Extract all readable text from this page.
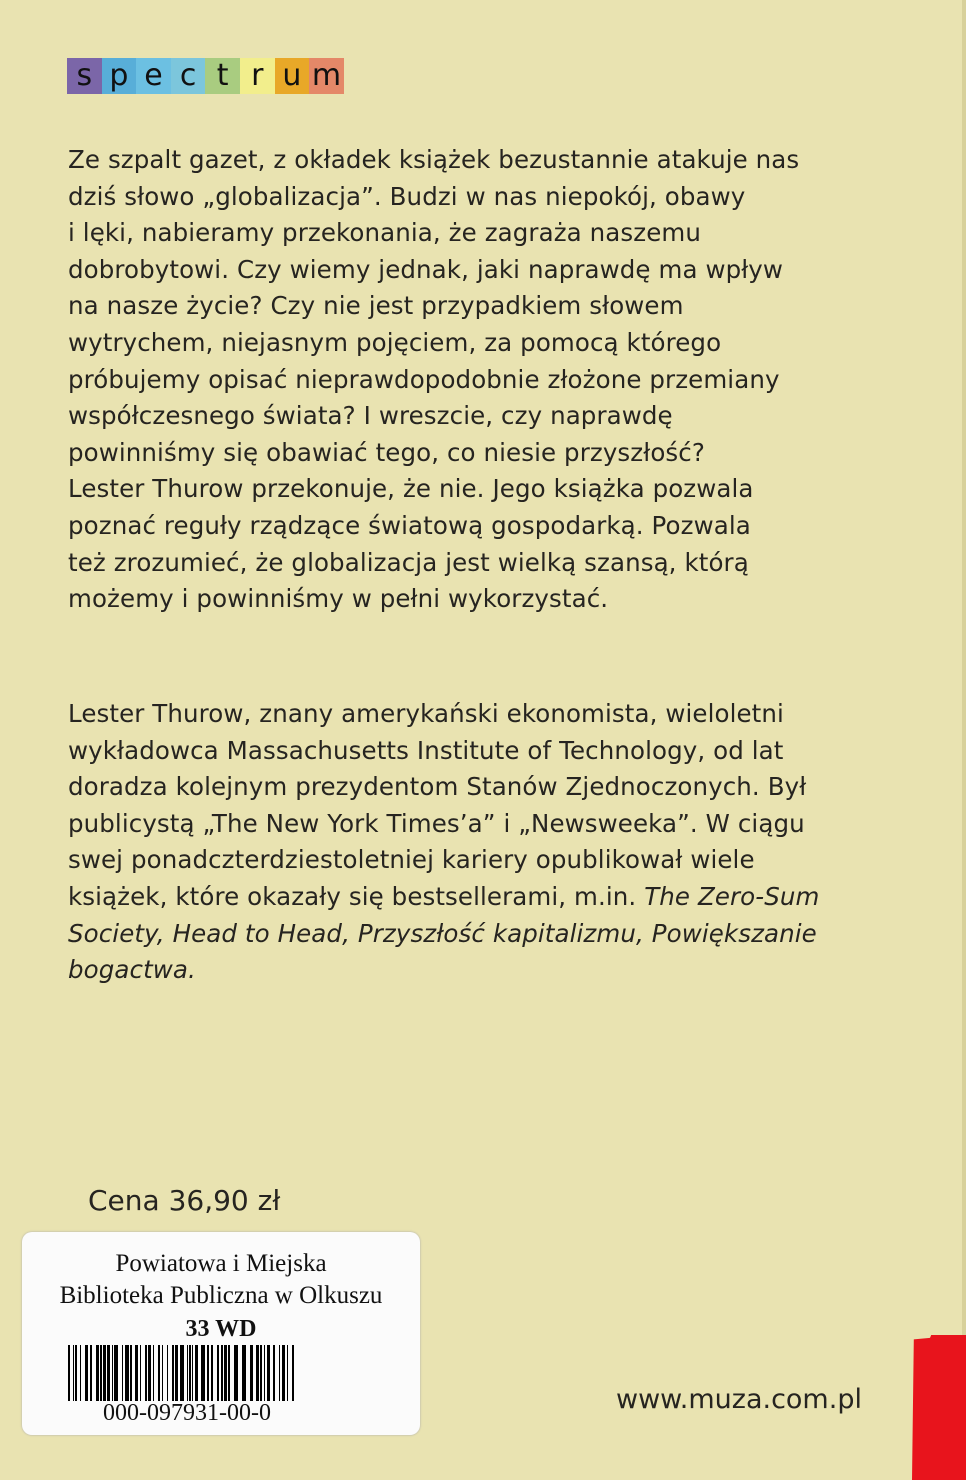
s p e c t r u m
Ze szpalt gazet, z okładek książek bezustannie atakuje nas
dziś słowo „globalizacja”. Budzi w nas niepokój, obawy
i lęki, nabieramy przekonania, że zagraża naszemu
dobrobytowi. Czy wiemy jednak, jaki naprawdę ma wpływ
na nasze życie? Czy nie jest przypadkiem słowem
wytrychem, niejasnym pojęciem, za pomocą którego
próbujemy opisać nieprawdopodobnie złożone przemiany
współczesnego świata? I wreszcie, czy naprawdę
powinniśmy się obawiać tego, co niesie przyszłość?
Lester Thurow przekonuje, że nie. Jego książka pozwala
poznać reguły rządzące światową gospodarką. Pozwala
też zrozumieć, że globalizacja jest wielką szansą, którą
możemy i powinniśmy w pełni wykorzystać.
Lester Thurow, znany amerykański ekonomista, wieloletni
wykładowca Massachusetts Institute of Technology, od lat
doradza kolejnym prezydentom Stanów Zjednoczonych. Był
publicystą „The New York Times’a” i „Newsweeka”. W ciągu
swej ponadczterdziestoletniej kariery opublikował wiele
książek, które okazały się bestsellerami, m.in. The Zero-Sum
Society, Head to Head, Przyszłość kapitalizmu, Powiększanie
bogactwa.
Cena 36,90 zł
Powiatowa i Miejska
Biblioteka Publiczna w Olkuszu
33 WD
000-097931-00-0	www.muza.com.pl
